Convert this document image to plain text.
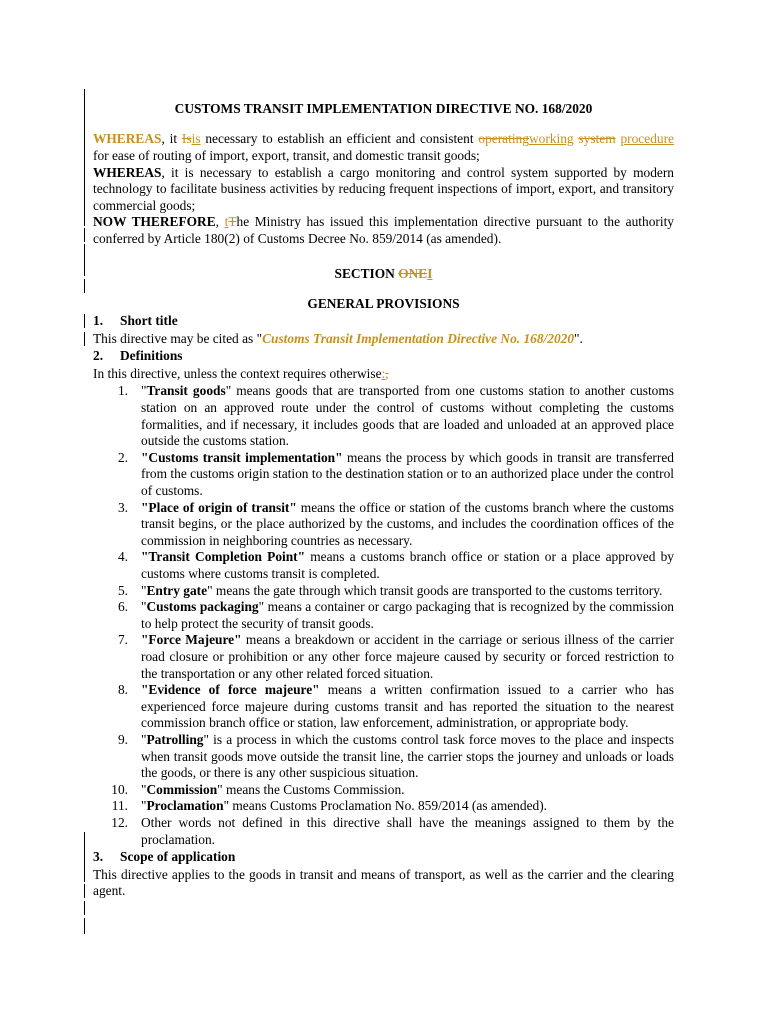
CUSTOMS TRANSIT IMPLEMENTATION DIRECTIVE NO. 168/2020

WHEREAS, it Isis necessary to establish an efficient and consistent operatingworking system procedure for ease of routing of import, export, transit, and domestic transit goods;

WHEREAS, it is necessary to establish a cargo monitoring and control system supported by modern technology to facilitate business activities by reducing frequent inspections of import, export, and transitory commercial goods;

NOW THEREFORE, tThe Ministry has issued this implementation directive pursuant to the authority conferred by Article 180(2) of Customs Decree No. 859/2014 (as amended).

SECTION ONEI

GENERAL PROVISIONS

1. Short title

This directive may be cited as "Customs Transit Implementation Directive No. 168/2020".

2. Definitions

In this directive, unless the context requires otherwise:,

1. "Transit goods" means goods that are transported from one customs station to another customs station on an approved route under the control of customs without completing the customs formalities, and if necessary, it includes goods that are loaded and unloaded at an approved place outside the customs station.
2. "Customs transit implementation" means the process by which goods in transit are transferred from the customs origin station to the destination station or to an authorized place under the control of customs.
3. "Place of origin of transit" means the office or station of the customs branch where the customs transit begins, or the place authorized by the customs, and includes the coordination offices of the commission in neighboring countries as necessary.
4. "Transit Completion Point" means a customs branch office or station or a place approved by customs where customs transit is completed.
5. "Entry gate" means the gate through which transit goods are transported to the customs territory.
6. "Customs packaging" means a container or cargo packaging that is recognized by the commission to help protect the security of transit goods.
7. "Force Majeure" means a breakdown or accident in the carriage or serious illness of the carrier road closure or prohibition or any other force majeure caused by security or forced restriction to the transportation or any other related forced situation.
8. "Evidence of force majeure" means a written confirmation issued to a carrier who has experienced force majeure during customs transit and has reported the situation to the nearest commission branch office or station, law enforcement, administration, or appropriate body.
9. "Patrolling" is a process in which the customs control task force moves to the place and inspects when transit goods move outside the transit line, the carrier stops the journey and unloads or loads the goods, or there is any other suspicious situation.
10. "Commission" means the Customs Commission.
11. "Proclamation" means Customs Proclamation No. 859/2014 (as amended).
12. Other words not defined in this directive shall have the meanings assigned to them by the proclamation.

3. Scope of application

This directive applies to the goods in transit and means of transport, as well as the carrier and the clearing agent.
